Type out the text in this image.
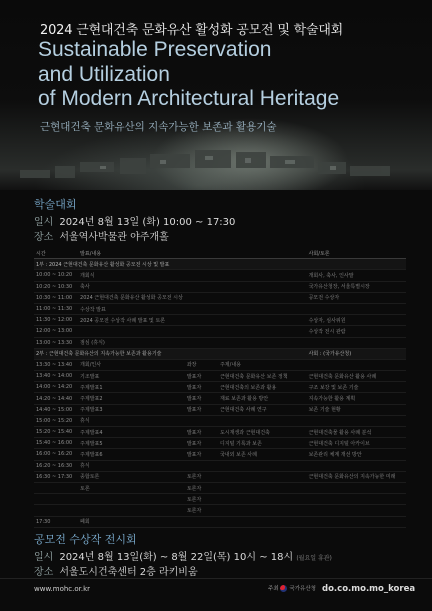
2024 근현대건축 문화유산 활성화 공모전 및 학술대회
Sustainable Preservation
and Utilization
of Modern Architectural Heritage
근현대건축 문화유산의 지속가능한 보존과 활용기술
학술대회
일시 2024년 8월 13일 (화) 10:00 ~ 17:30
장소 서울역사박물관 야주개홀
시간	발표/내용			사회/토론
1부 : 2024 근현대건축 문화유산 활성화 공모전 시상 및 발표				
10:00 ~ 10:20	개회식			개회사, 축사, 인사말
10:20 ~ 10:30	축사			국가유산청장, 서울특별시장
10:30 ~ 11:00	2024 근현대건축 문화유산 활성화 공모전 시상			공모전 수상자
11:00 ~ 11:30	수상작 발표			
11:30 ~ 12:00	2024 공모전 수상작 사례 발표 및 토론			수상자, 심사위원
12:00 ~ 13:00				수상작 전시 관람
13:00 ~ 13:30	점심 (휴식)			
2부 : 근현대건축 문화유산의 지속가능한 보존과 활용기술				사회 : (국가유산청)
13:30 ~ 13:40	개회/인사	좌장	주제/내용	
13:40 ~ 14:00	기조발표	발표자	근현대건축 문화유산 보존 정책	근현대건축 문화유산 활용 사례
14:00 ~ 14:20	주제발표1	발표자	근현대건축의 보존과 활용	구조 보강 및 보존 기술
14:20 ~ 14:40	주제발표2	발표자	재료 보존과 활용 방안	지속가능한 활용 계획
14:40 ~ 15:00	주제발표3	발표자	근현대건축 사례 연구	보존 기술 현황
15:00 ~ 15:20	휴식			
15:20 ~ 15:40	주제발표4	발표자	도시재생과 근현대건축	근현대건축물 활용 사례 분석
15:40 ~ 16:00	주제발표5	발표자	디지털 기록과 보존	근현대건축 디지털 아카이브
16:00 ~ 16:20	주제발표6	발표자	국내외 보존 사례	보존관리 체계 개선 방안
16:20 ~ 16:30	휴식			
16:30 ~ 17:30	종합토론	토론자		근현대건축 문화유산의 지속가능한 미래
	토론	토론자		
		토론자		
		토론자		
17:30	폐회			
공모전 수상작 전시회
일시 2024년 8월 13일(화) ~ 8월 22일(목) 10시 ~ 18시 (월요일 휴관)
장소 서울도시건축센터 2층 라키비움
www.mohc.or.kr	주최 국가유산청 do.co.mo.mo_korea
